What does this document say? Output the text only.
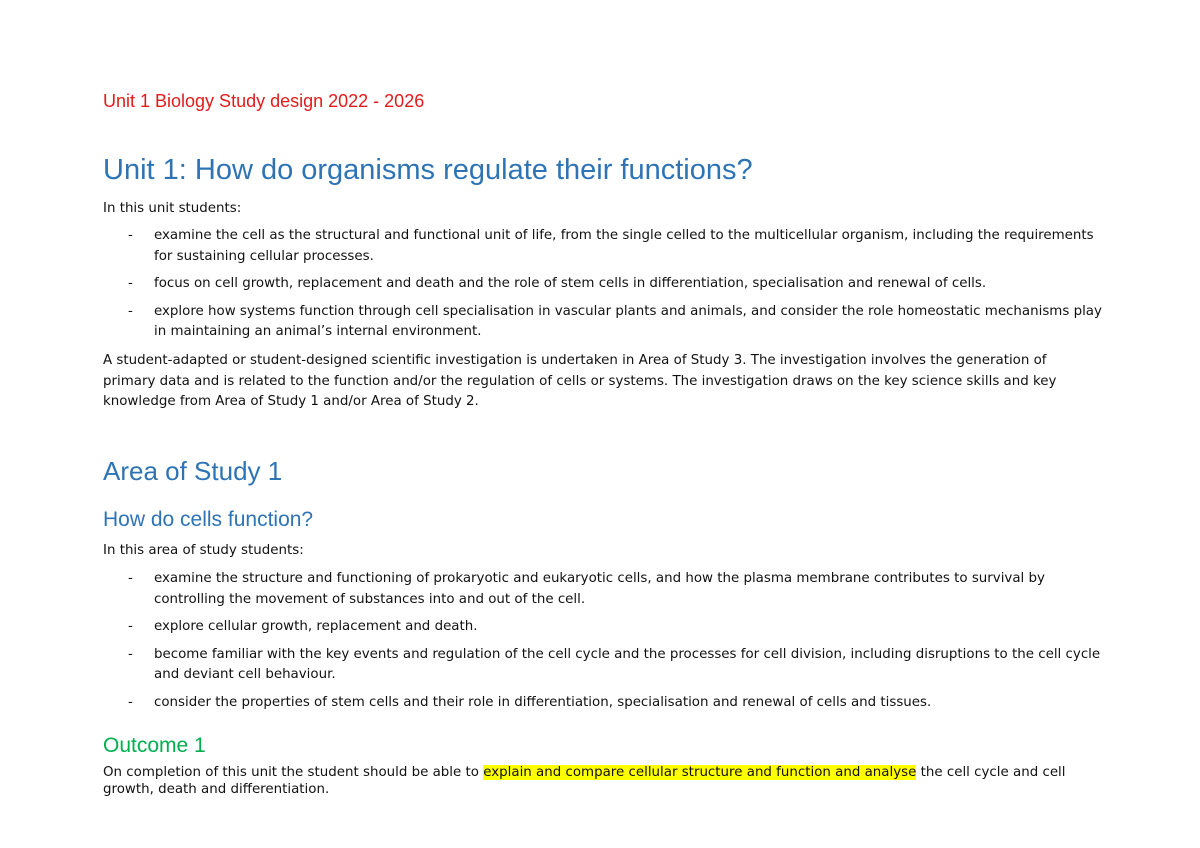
Unit 1 Biology Study design 2022 - 2026

Unit 1: How do organisms regulate their functions?

In this unit students:

- examine the cell as the structural and functional unit of life, from the single celled to the multicellular organism, including the requirements for sustaining cellular processes.
- focus on cell growth, replacement and death and the role of stem cells in differentiation, specialisation and renewal of cells.
- explore how systems function through cell specialisation in vascular plants and animals, and consider the role homeostatic mechanisms play in maintaining an animal’s internal environment.

A student-adapted or student-designed scientific investigation is undertaken in Area of Study 3. The investigation involves the generation of primary data and is related to the function and/or the regulation of cells or systems. The investigation draws on the key science skills and key knowledge from Area of Study 1 and/or Area of Study 2.

Area of Study 1
How do cells function?

In this area of study students:

- examine the structure and functioning of prokaryotic and eukaryotic cells, and how the plasma membrane contributes to survival by controlling the movement of substances into and out of the cell.
- explore cellular growth, replacement and death.
- become familiar with the key events and regulation of the cell cycle and the processes for cell division, including disruptions to the cell cycle and deviant cell behaviour.
- consider the properties of stem cells and their role in differentiation, specialisation and renewal of cells and tissues.
Outcome 1

On completion of this unit the student should be able to explain and compare cellular structure and function and analyse the cell cycle and cell growth, death and differentiation.
